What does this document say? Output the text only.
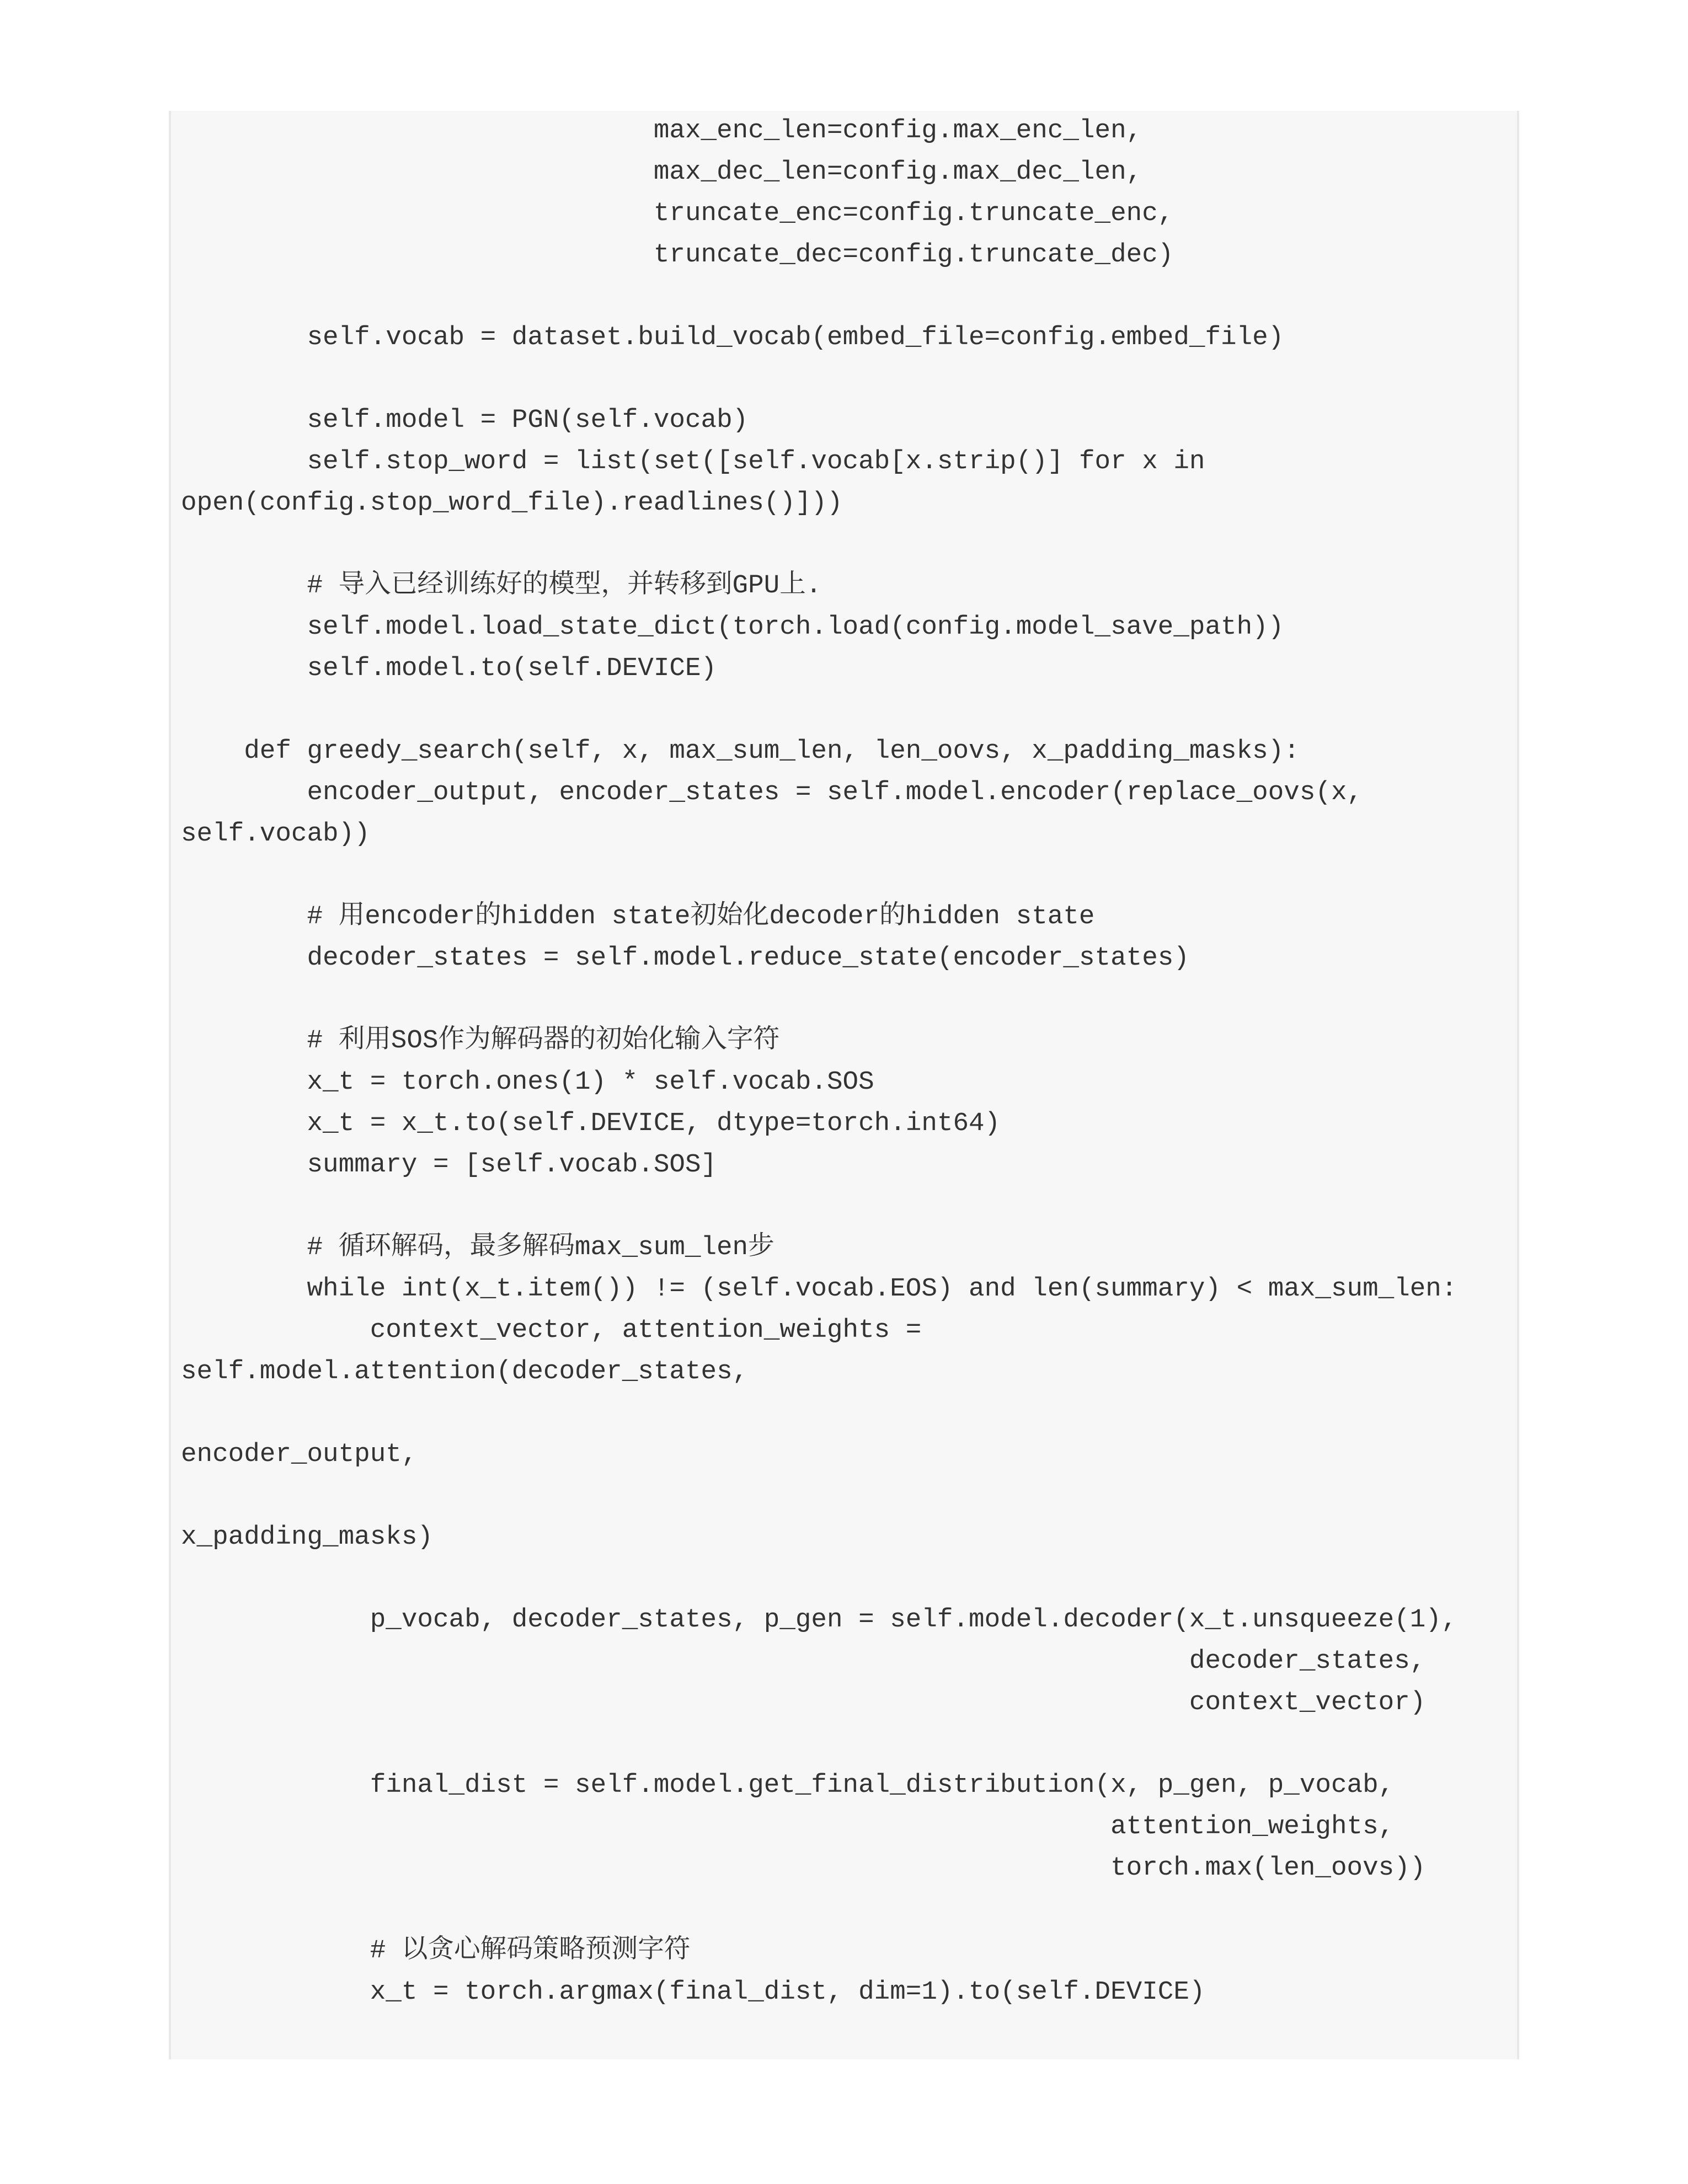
max_enc_len=config.max_enc_len,
max_dec_len=config.max_dec_len,
truncate_enc=config.truncate_enc,
truncate_dec=config.truncate_dec)
self.vocab = dataset.build_vocab(embed_file=config.embed_file)
self.model = PGN(self.vocab)
self.stop_word = list(set([self.vocab[x.strip()] for x in
open(config.stop_word_file).readlines()]))
# 导入已经训练好的模型，并转移到GPU上.
self.model.load_state_dict(torch.load(config.model_save_path))
self.model.to(self.DEVICE)
def greedy_search(self, x, max_sum_len, len_oovs, x_padding_masks):
encoder_output, encoder_states = self.model.encoder(replace_oovs(x,
self.vocab))
# 用encoder的hidden state初始化decoder的hidden state
decoder_states = self.model.reduce_state(encoder_states)
# 利用SOS作为解码器的初始化输入字符
x_t = torch.ones(1) * self.vocab.SOS
x_t = x_t.to(self.DEVICE, dtype=torch.int64)
summary = [self.vocab.SOS]
# 循环解码，最多解码max_sum_len步
while int(x_t.item()) != (self.vocab.EOS) and len(summary) < max_sum_len:
context_vector, attention_weights =
self.model.attention(decoder_states,
encoder_output,
x_padding_masks)
p_vocab, decoder_states, p_gen = self.model.decoder(x_t.unsqueeze(1),
decoder_states,
context_vector)
final_dist = self.model.get_final_distribution(x, p_gen, p_vocab,
attention_weights,
torch.max(len_oovs))
# 以贪心解码策略预测字符
x_t = torch.argmax(final_dist, dim=1).to(self.DEVICE)
